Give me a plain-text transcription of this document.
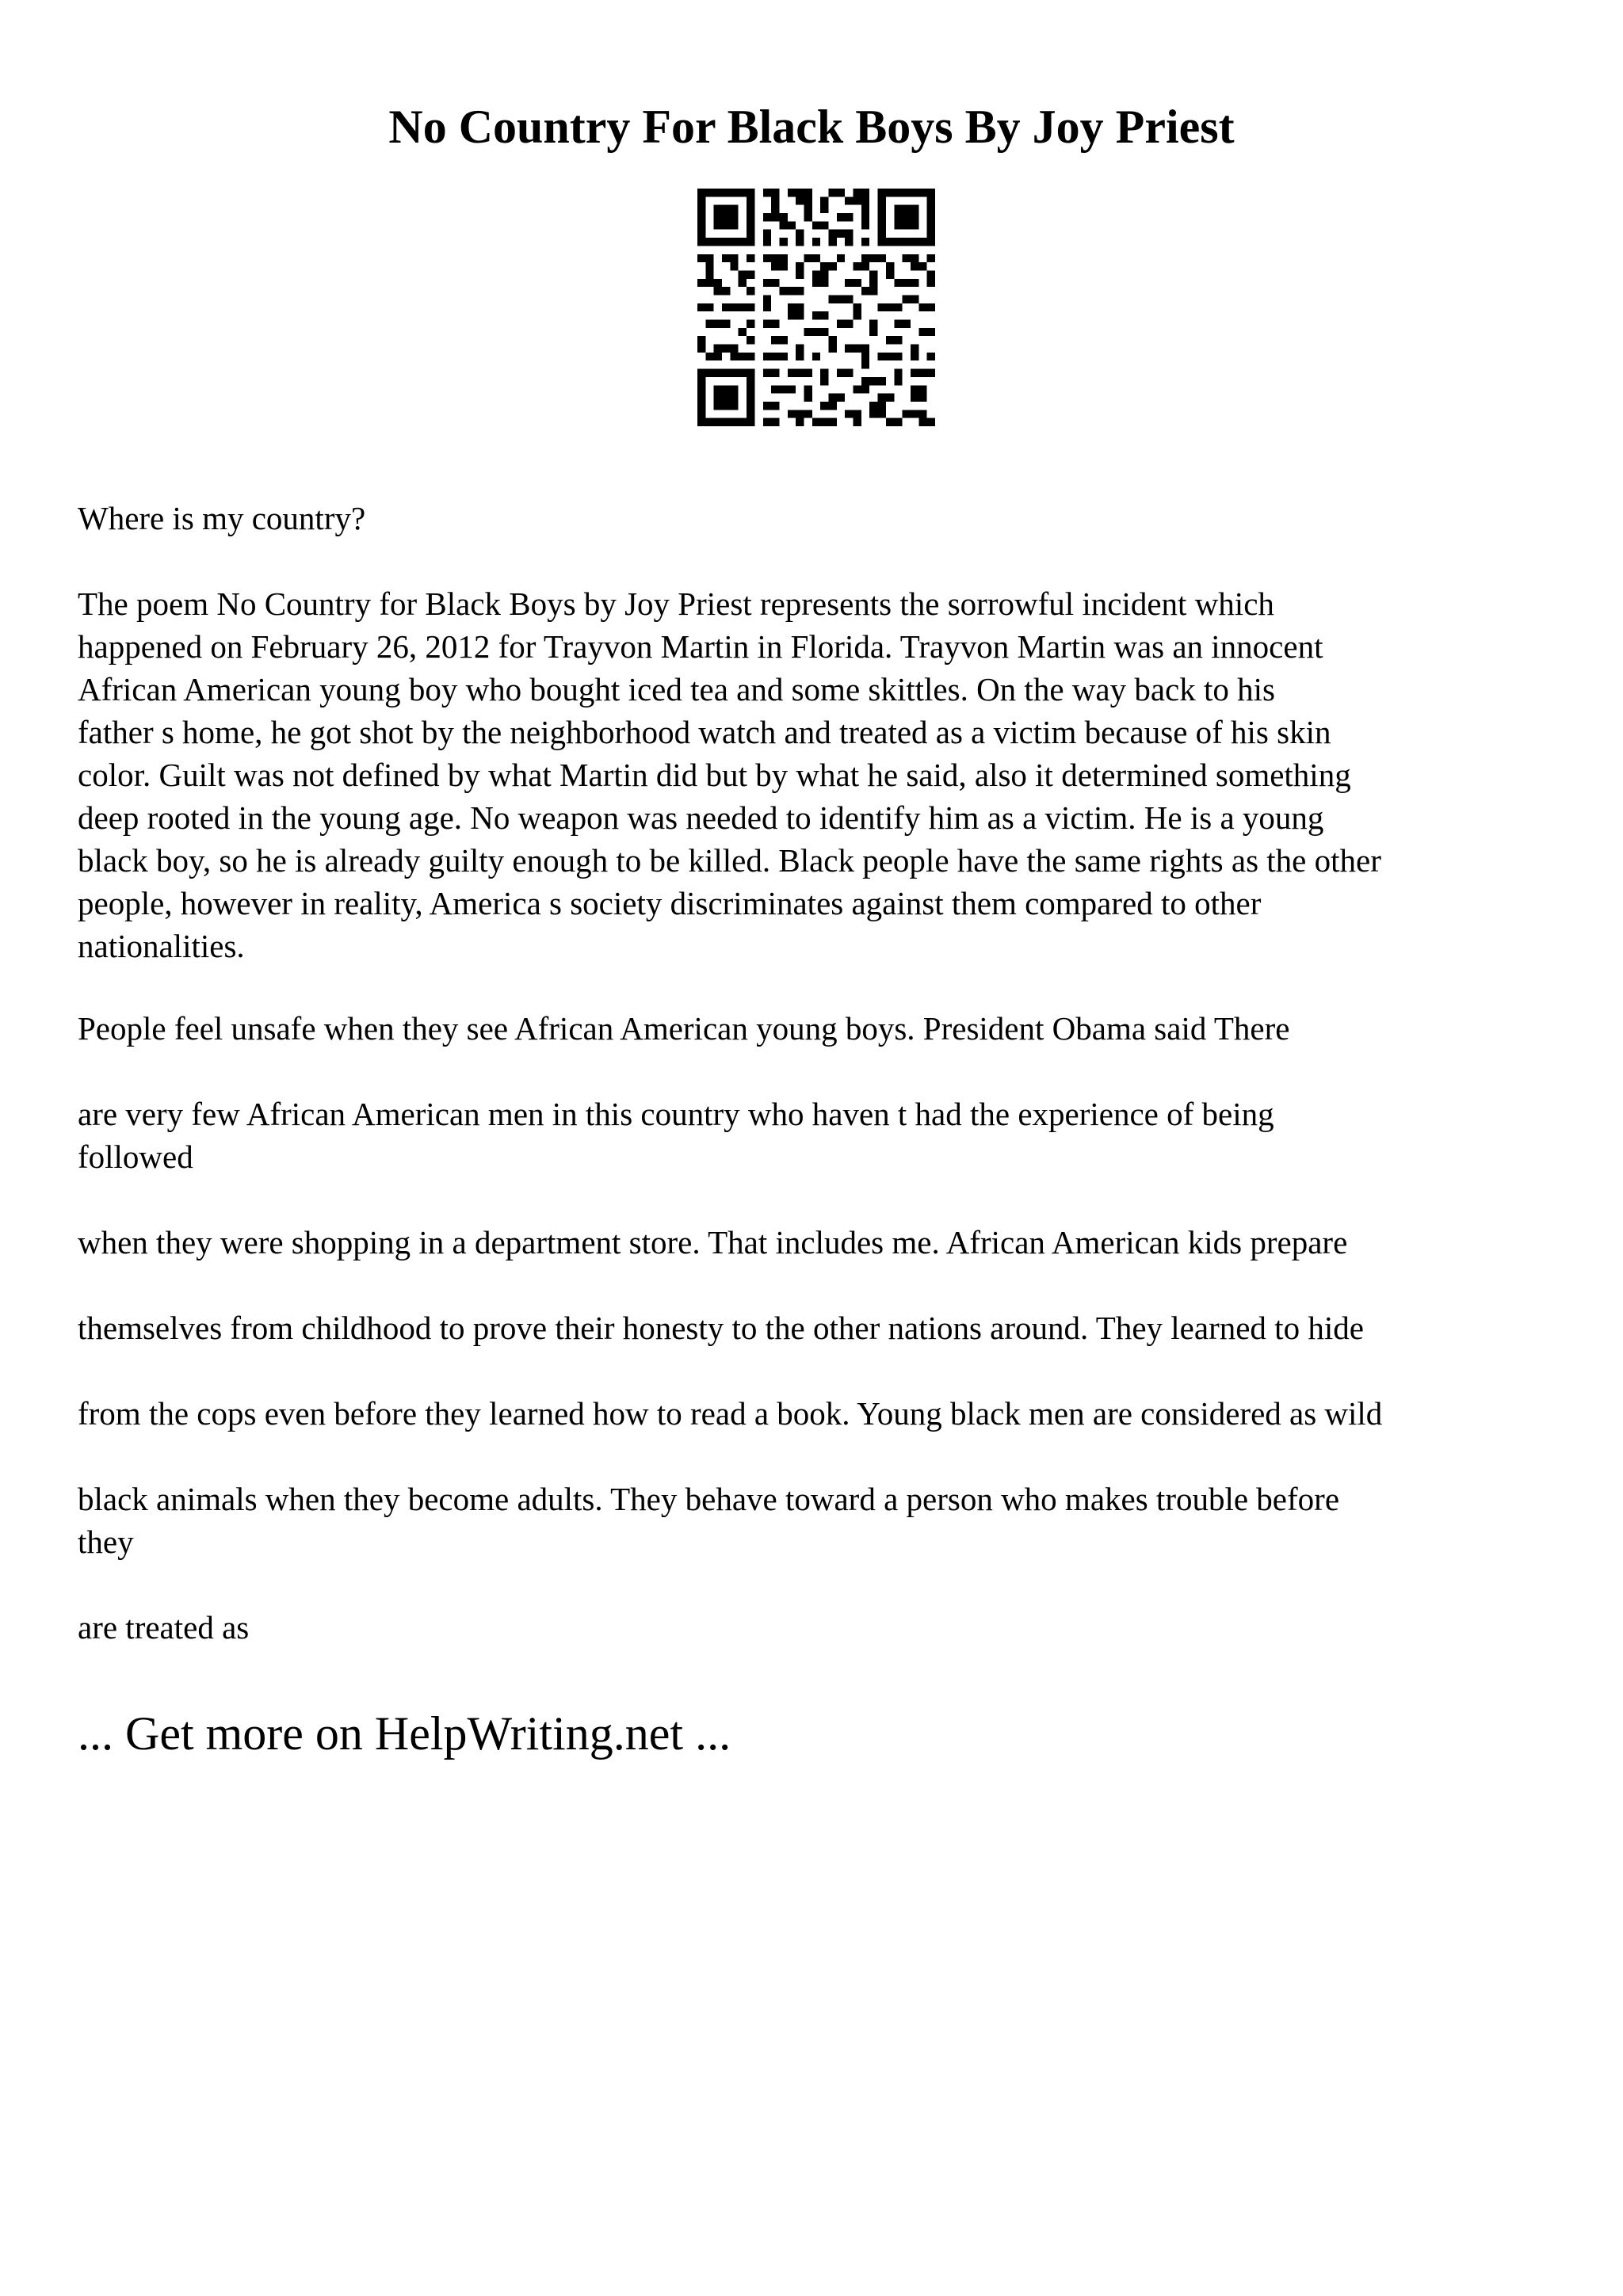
No Country For Black Boys By Joy Priest

Where is my country?

The poem No Country for Black Boys by Joy Priest represents the sorrowful incident which
happened on February 26, 2012 for Trayvon Martin in Florida. Trayvon Martin was an innocent
African American young boy who bought iced tea and some skittles. On the way back to his
father s home, he got shot by the neighborhood watch and treated as a victim because of his skin
color. Guilt was not defined by what Martin did but by what he said, also it determined something
deep rooted in the young age. No weapon was needed to identify him as a victim. He is a young
black boy, so he is already guilty enough to be killed. Black people have the same rights as the other
people, however in reality, America s society discriminates against them compared to other
nationalities.

People feel unsafe when they see African American young boys. President Obama said There

are very few African American men in this country who haven t had the experience of being
followed

when they were shopping in a department store. That includes me. African American kids prepare

themselves from childhood to prove their honesty to the other nations around. They learned to hide

from the cops even before they learned how to read a book. Young black men are considered as wild

black animals when they become adults. They behave toward a person who makes trouble before
they

are treated as

... Get more on HelpWriting.net ...
